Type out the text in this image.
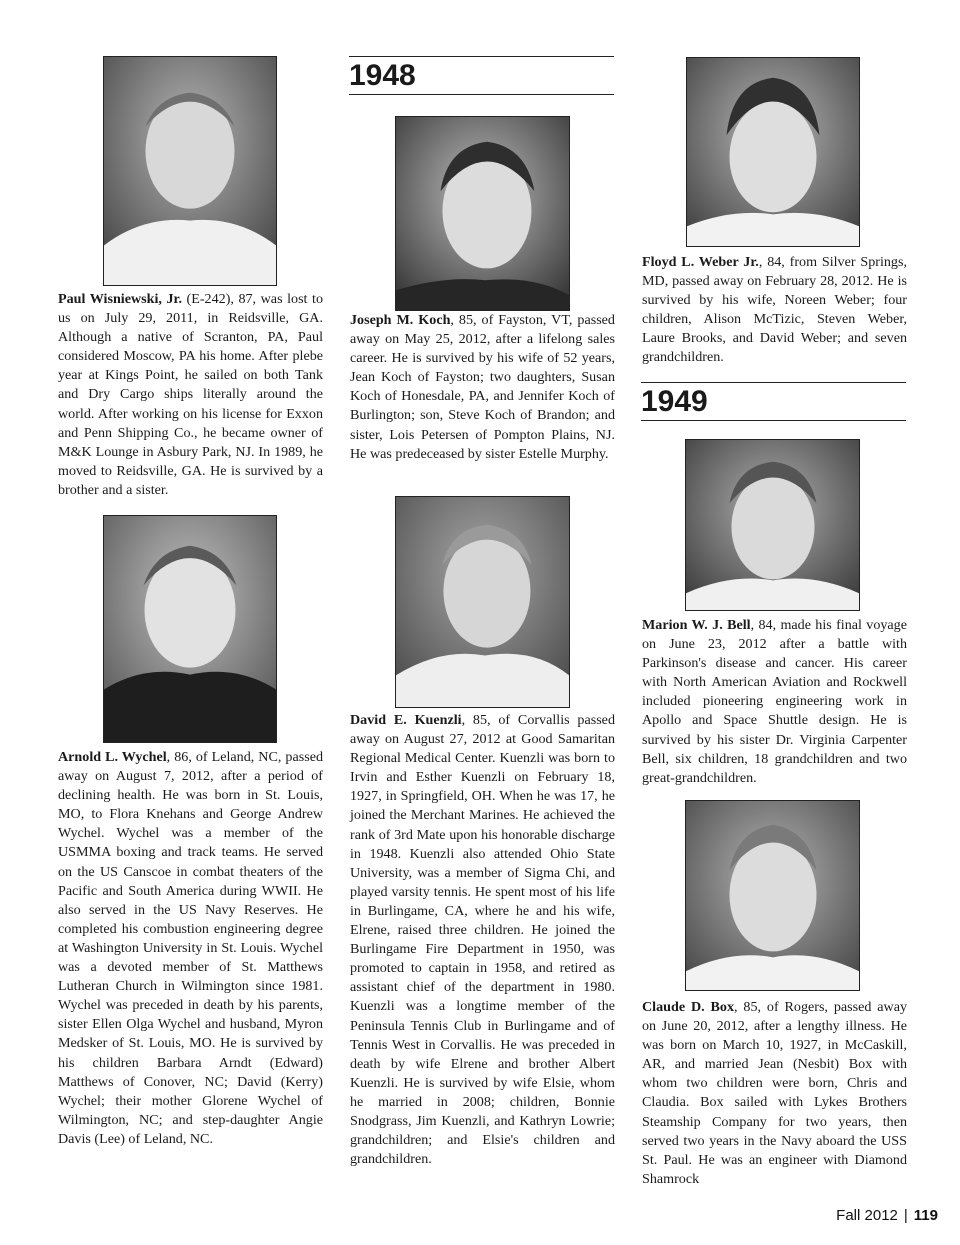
Paul Wisniewski, Jr. (E-242), 87, was lost to us on July 29, 2011, in Reidsville, GA. Although a native of Scranton, PA, Paul considered Moscow, PA his home. After plebe year at Kings Point, he sailed on both Tank and Dry Cargo ships literally around the world. After working on his license for Exxon and Penn Shipping Co., he became owner of M&K Lounge in Asbury Park, NJ. In 1989, he moved to Reidsville, GA. He is survived by a brother and a sister.

Arnold L. Wychel, 86, of Leland, NC, passed away on August 7, 2012, after a period of declining health. He was born in St. Louis, MO, to Flora Knehans and George Andrew Wychel. Wychel was a member of the USMMA boxing and track teams. He served on the US Canscoe in combat theaters of the Pacific and South America during WWII. He also served in the US Navy Reserves. He completed his combustion engineering degree at Washington University in St. Louis. Wychel was a devoted member of St. Matthews Lutheran Church in Wilmington since 1981. Wychel was preceded in death by his parents, sister Ellen Olga Wychel and husband, Myron Medsker of St. Louis, MO. He is survived by his children Barbara Arndt (Edward) Matthews of Conover, NC; David (Kerry) Wychel; their mother Glorene Wychel of Wilmington, NC; and step-daughter Angie Davis (Lee) of Leland, NC.

1948

Joseph M. Koch, 85, of Fayston, VT, passed away on May 25, 2012, after a lifelong sales career. He is survived by his wife of 52 years, Jean Koch of Fayston; two daughters, Susan Koch of Honesdale, PA, and Jennifer Koch of Burlington; son, Steve Koch of Brandon; and sister, Lois Petersen of Pompton Plains, NJ. He was predeceased by sister Estelle Murphy.

David E. Kuenzli, 85, of Corvallis passed away on August 27, 2012 at Good Samaritan Regional Medical Center. Kuenzli was born to Irvin and Esther Kuenzli on February 18, 1927, in Springfield, OH. When he was 17, he joined the Merchant Marines. He achieved the rank of 3rd Mate upon his honorable discharge in 1948. Kuenzli also attended Ohio State University, was a member of Sigma Chi, and played varsity tennis. He spent most of his life in Burlingame, CA, where he and his wife, Elrene, raised three children. He joined the Burlingame Fire Department in 1950, was promoted to captain in 1958, and retired as assistant chief of the department in 1980. Kuenzli was a longtime member of the Peninsula Tennis Club in Burlingame and of Tennis West in Corvallis. He was preceded in death by wife Elrene and brother Albert Kuenzli. He is survived by wife Elsie, whom he married in 2008; children, Bonnie Snodgrass, Jim Kuenzli, and Kathryn Lowrie; grandchildren; and Elsie's children and grandchildren.

Floyd L. Weber Jr., 84, from Silver Springs, MD, passed away on February 28, 2012. He is survived by his wife, Noreen Weber; four children, Alison McTizic, Steven Weber, Laure Brooks, and David Weber; and seven grandchildren.

1949

Marion W. J. Bell, 84, made his final voyage on June 23, 2012 after a battle with Parkinson's disease and cancer. His career with North American Aviation and Rockwell included pioneering engineering work in Apollo and Space Shuttle design. He is survived by his sister Dr. Virginia Carpenter Bell, six children, 18 grandchildren and two great-grandchildren.

Claude D. Box, 85, of Rogers, passed away on June 20, 2012, after a lengthy illness. He was born on March 10, 1927, in McCaskill, AR, and married Jean (Nesbit) Box with whom two children were born, Chris and Claudia. Box sailed with Lykes Brothers Steamship Company for two years, then served two years in the Navy aboard the USS St. Paul. He was an engineer with Diamond Shamrock

Fall 2012 | 119
